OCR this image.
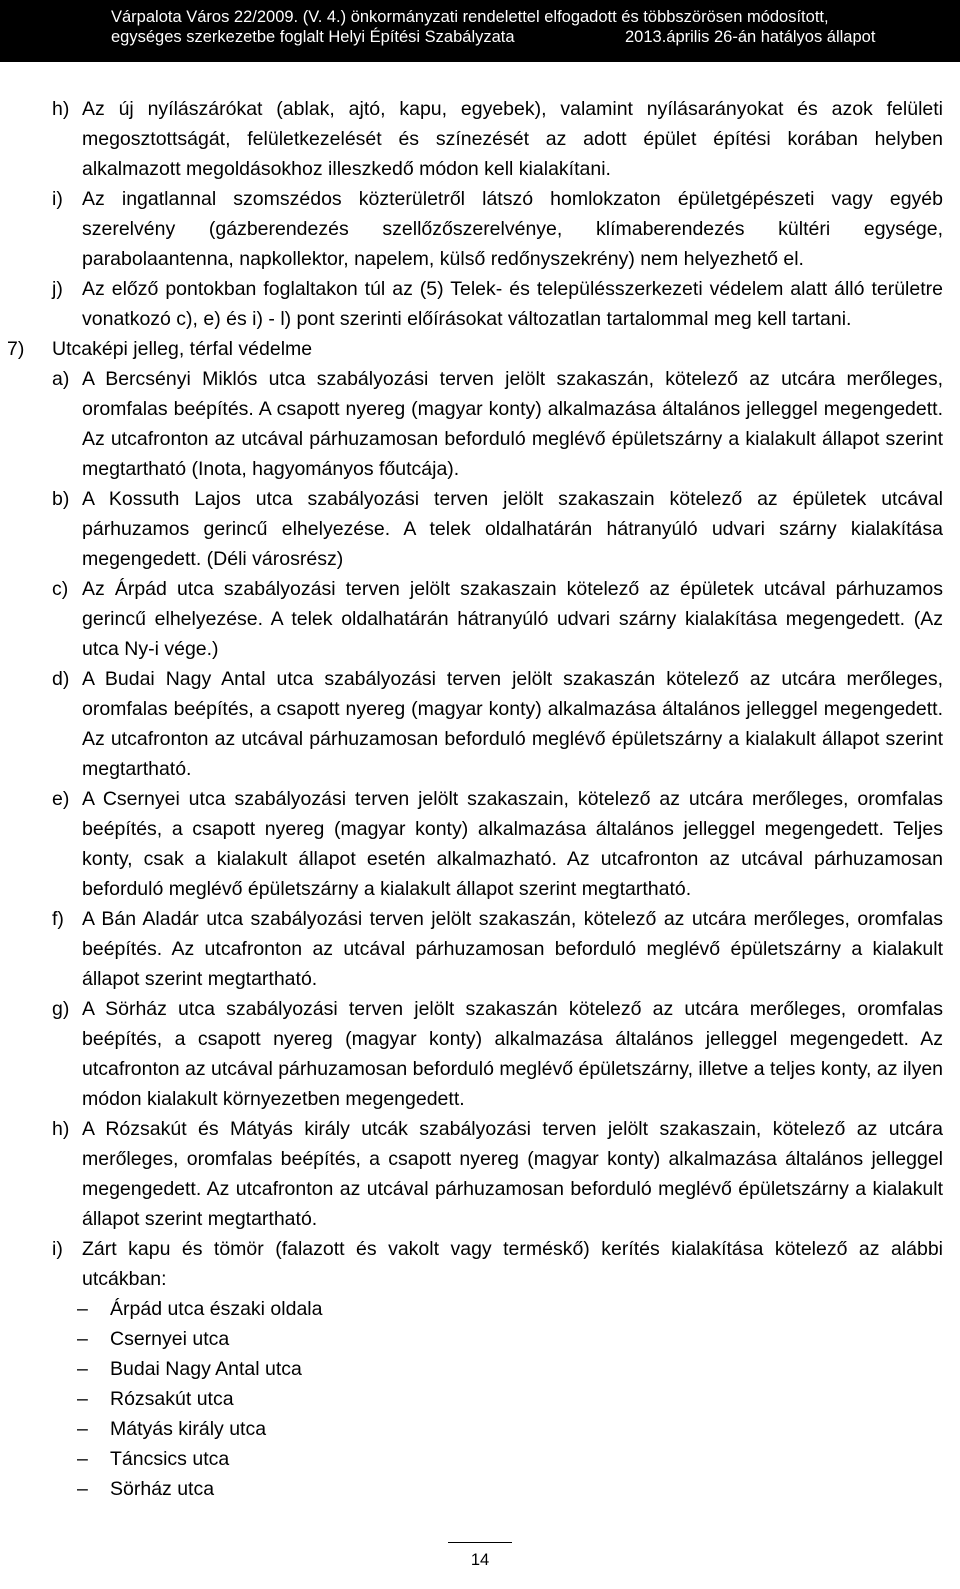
Várpalota Város 22/2009. (V. 4.) önkormányzati rendelettel elfogadott és többszörösen módosított,
egységes szerkezetbe foglalt Helyi Építési Szabályzata	2013.április 26-án hatályos állapot

h) Az új nyílászárókat (ablak, ajtó, kapu, egyebek), valamint nyílásarányokat és azok felületi megosztottságát, felületkezelését és színezését az adott épület építési korában helyben alkalmazott megoldásokhoz illeszkedő módon kell kialakítani.

i) Az ingatlannal szomszédos közterületről látszó homlokzaton épületgépészeti vagy egyéb szerelvény (gázberendezés szellőzőszerelvénye, klímaberendezés kültéri egysége, parabolaantenna, napkollektor, napelem, külső redőnyszekrény) nem helyezhető el.

j) Az előző pontokban foglaltakon túl az (5) Telek- és településszerkezeti védelem alatt álló területre vonatkozó c), e) és i) - l) pont szerinti előírásokat változatlan tartalommal meg kell tartani.

7) Utcaképi jelleg, térfal védelme

a) A Bercsényi Miklós utca szabályozási terven jelölt szakaszán, kötelező az utcára merőleges, oromfalas beépítés. A csapott nyereg (magyar konty) alkalmazása általános jelleggel megengedett. Az utcafronton az utcával párhuzamosan beforduló meglévő épületszárny a kialakult állapot szerint megtartható (Inota, hagyományos főutcája).

b) A Kossuth Lajos utca szabályozási terven jelölt szakaszain kötelező az épületek utcával párhuzamos gerincű elhelyezése. A telek oldalhatárán hátranyúló udvari szárny kialakítása megengedett. (Déli városrész)

c) Az Árpád utca szabályozási terven jelölt szakaszain kötelező az épületek utcával párhuzamos gerincű elhelyezése. A telek oldalhatárán hátranyúló udvari szárny kialakítása megengedett. (Az utca Ny-i vége.)

d) A Budai Nagy Antal utca szabályozási terven jelölt szakaszán kötelező az utcára merőleges, oromfalas beépítés, a csapott nyereg (magyar konty) alkalmazása általános jelleggel megengedett. Az utcafronton az utcával párhuzamosan beforduló meglévő épületszárny a kialakult állapot szerint megtartható.

e) A Csernyei utca szabályozási terven jelölt szakaszain, kötelező az utcára merőleges, oromfalas beépítés, a csapott nyereg (magyar konty) alkalmazása általános jelleggel megengedett. Teljes konty, csak a kialakult állapot esetén alkalmazható. Az utcafronton az utcával párhuzamosan beforduló meglévő épületszárny a kialakult állapot szerint megtartható.

f) A Bán Aladár utca szabályozási terven jelölt szakaszán, kötelező az utcára merőleges, oromfalas beépítés. Az utcafronton az utcával párhuzamosan beforduló meglévő épületszárny a kialakult állapot szerint megtartható.

g) A Sörház utca szabályozási terven jelölt szakaszán kötelező az utcára merőleges, oromfalas beépítés, a csapott nyereg (magyar konty) alkalmazása általános jelleggel megengedett. Az utcafronton az utcával párhuzamosan beforduló meglévő épületszárny, illetve a teljes konty, az ilyen módon kialakult környezetben megengedett.

h) A Rózsakút és Mátyás király utcák szabályozási terven jelölt szakaszain, kötelező az utcára merőleges, oromfalas beépítés, a csapott nyereg (magyar konty) alkalmazása általános jelleggel megengedett. Az utcafronton az utcával párhuzamosan beforduló meglévő épületszárny a kialakult állapot szerint megtartható.

i) Zárt kapu és tömör (falazott és vakolt vagy terméskő) kerítés kialakítása kötelező az alábbi utcákban:

– Árpád utca északi oldala
– Csernyei utca
– Budai Nagy Antal utca
– Rózsakút utca
– Mátyás király utca
– Táncsics utca
– Sörház utca
14
